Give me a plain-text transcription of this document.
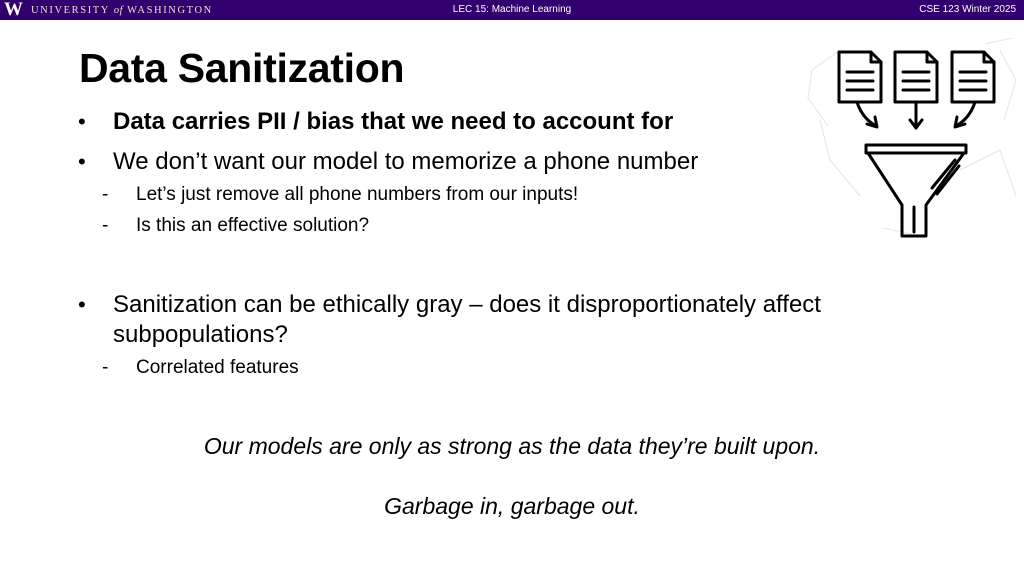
W UNIVERSITY of WASHINGTON	LEC 15: Machine Learning	CSE 123 Winter 2025
Data Sanitization
• Data carries PII / bias that we need to account for
• We don’t want our model to memorize a phone number
- Let’s just remove all phone numbers from our inputs!
- Is this an effective solution?
• Sanitization can be ethically gray – does it disproportionately affect
subpopulations?
- Correlated features
Our models are only as strong as the data they’re built upon.
Garbage in, garbage out.
